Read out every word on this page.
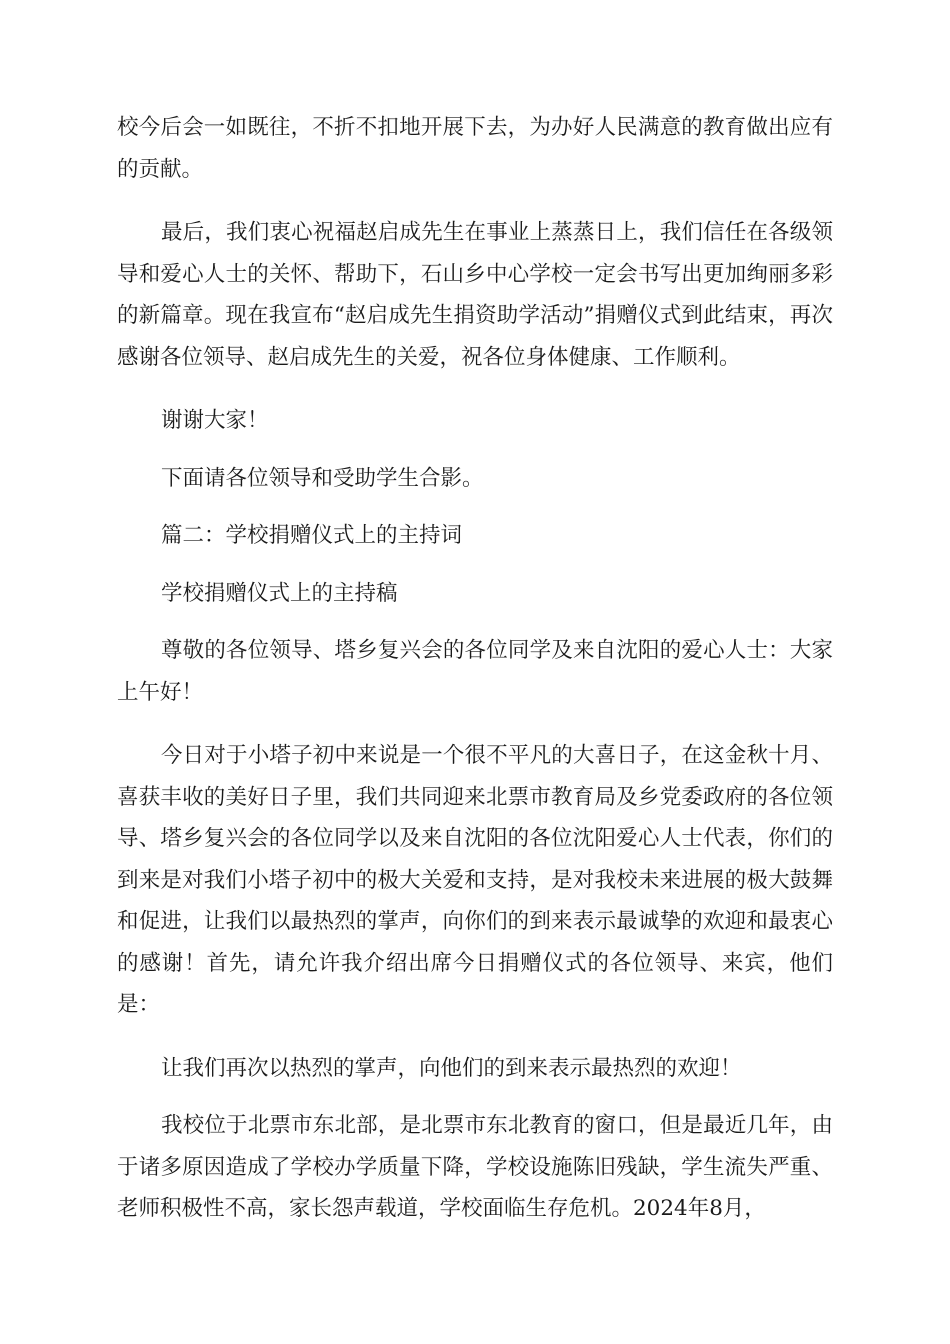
校今后会一如既往，不折不扣地开展下去，为办好人民满意的教育做出应有的贡献。

最后，我们衷心祝福赵启成先生在事业上蒸蒸日上，我们信任在各级领导和爱心人士的关怀、帮助下，石山乡中心学校一定会书写出更加绚丽多彩的新篇章。现在我宣布“赵启成先生捐资助学活动”捐赠仪式到此结束，再次感谢各位领导、赵启成先生的关爱，祝各位身体健康、工作顺利。

谢谢大家！

下面请各位领导和受助学生合影。

篇二：学校捐赠仪式上的主持词

学校捐赠仪式上的主持稿

尊敬的各位领导、塔乡复兴会的各位同学及来自沈阳的爱心人士：大家上午好！

今日对于小塔子初中来说是一个很不平凡的大喜日子，在这金秋十月、喜获丰收的美好日子里，我们共同迎来北票市教育局及乡党委政府的各位领导、塔乡复兴会的各位同学以及来自沈阳的各位沈阳爱心人士代表，你们的到来是对我们小塔子初中的极大关爱和支持，是对我校未来进展的极大鼓舞和促进，让我们以最热烈的掌声，向你们的到来表示最诚挚的欢迎和最衷心的感谢！首先，请允许我介绍出席今日捐赠仪式的各位领导、来宾，他们是：

让我们再次以热烈的掌声，向他们的到来表示最热烈的欢迎！

我校位于北票市东北部，是北票市东北教育的窗口，但是最近几年，由于诸多原因造成了学校办学质量下降，学校设施陈旧残缺，学生流失严重、老师积极性不高，家长怨声载道，学校面临生存危机。2024年8月，
